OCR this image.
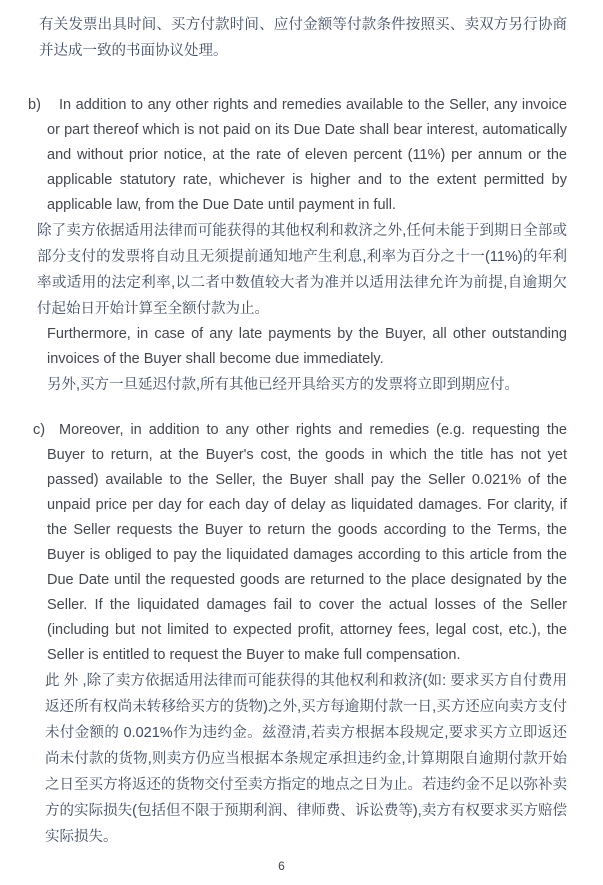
有关发票出具时间、买方付款时间、应付金额等付款条件按照买、卖双方另行协商并达成一致的书面协议处理。
b)	In addition to any other rights and remedies available to the Seller, any invoice or part thereof which is not paid on its Due Date shall bear interest, automatically and without prior notice, at the rate of eleven percent (11%) per annum or the applicable statutory rate, whichever is higher and to the extent permitted by applicable law, from the Due Date until payment in full.
除了卖方依据适用法律而可能获得的其他权利和救济之外,任何未能于到期日全部或部分支付的发票将自动且无须提前通知地产生利息,利率为百分之十一(11%)的年利率或适用的法定利率,以二者中数值较大者为准并以适用法律允许为前提,自逾期欠付起始日开始计算至全额付款为止。
Furthermore, in case of any late payments by the Buyer, all other outstanding invoices of the Buyer shall become due immediately.
另外,买方一旦延迟付款,所有其他已经开具给买方的发票将立即到期应付。
c) Moreover, in addition to any other rights and remedies (e.g. requesting the Buyer to return, at the Buyer's cost, the goods in which the title has not yet passed) available to the Seller, the Buyer shall pay the Seller 0.021% of the unpaid price per day for each day of delay as liquidated damages. For clarity, if the Seller requests the Buyer to return the goods according to the Terms, the Buyer is obliged to pay the liquidated damages according to this article from the Due Date until the requested goods are returned to the place designated by the Seller. If the liquidated damages fail to cover the actual losses of the Seller (including but not limited to expected profit, attorney fees, legal cost, etc.), the Seller is entitled to request the Buyer to make full compensation.
此 外 ,除了卖方依据适用法律而可能获得的其他权利和救济(如: 要求买方自付费用返还所有权尚未转移给买方的货物)之外,买方每逾期付款一日,买方还应向卖方支付未付金额的 0.021%作为违约金。兹澄清,若卖方根据本段规定,要求买方立即返还尚未付款的货物,则卖方仍应当根据本条规定承担违约金,计算期限自逾期付款开始之日至买方将返还的货物交付至卖方指定的地点之日为止。若违约金不足以弥补卖方的实际损失(包括但不限于预期利润、律师费、诉讼费等),卖方有权要求买方赔偿实际损失。
6
